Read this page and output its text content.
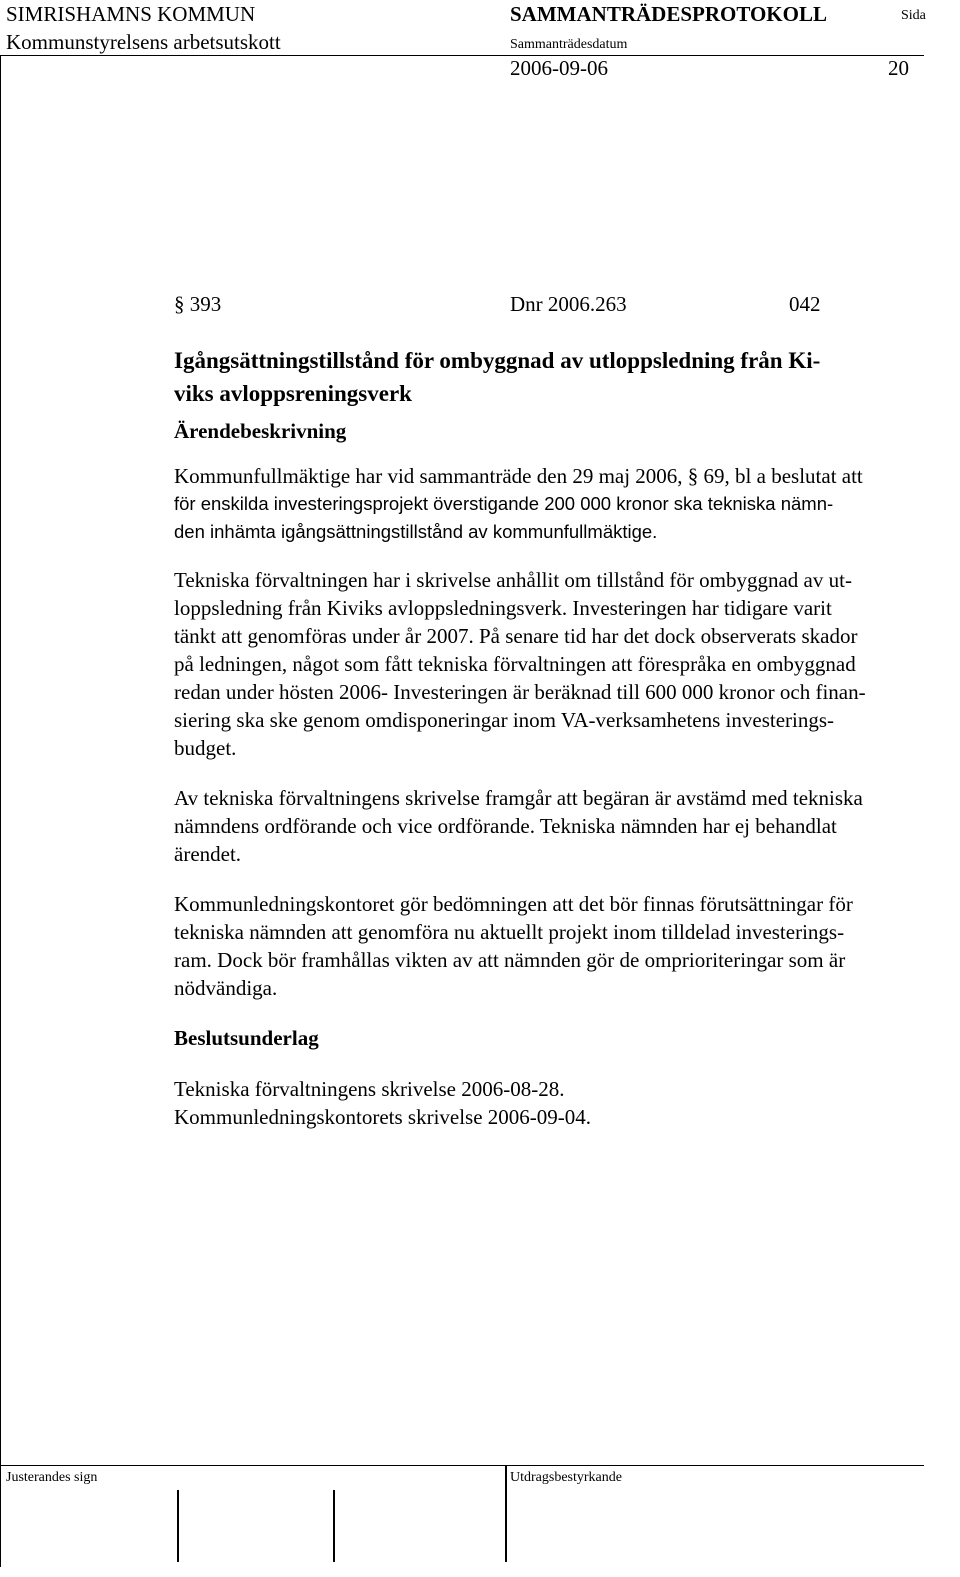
SIMRISHAMNS KOMMUN
Kommunstyrelsens arbetsutskott
SAMMANTRÄDESPROTOKOLL	Sida
Sammanträdesdatum
2006-09-06	20
§ 393	Dnr 2006.263	042

Igångsättningstillstånd för ombyggnad av utloppsledning från Ki-
viks avloppsreningsverk

Ärendebeskrivning

Kommunfullmäktige har vid sammanträde den 29 maj 2006, § 69, bl a beslutat att

för enskilda investeringsprojekt överstigande 200 000 kronor ska tekniska nämn-
den inhämta igångsättningstillstånd av kommunfullmäktige.

Tekniska förvaltningen har i skrivelse anhållit om tillstånd för ombyggnad av ut-
loppsledning från Kiviks avloppsledningsverk. Investeringen har tidigare varit
tänkt att genomföras under år 2007. På senare tid har det dock observerats skador
på ledningen, något som fått tekniska förvaltningen att förespråka en ombyggnad
redan under hösten 2006- Investeringen är beräknad till 600 000 kronor och finan-
siering ska ske genom omdisponeringar inom VA-verksamhetens investerings-
budget.

Av tekniska förvaltningens skrivelse framgår att begäran är avstämd med tekniska
nämndens ordförande och vice ordförande. Tekniska nämnden har ej behandlat
ärendet.

Kommunledningskontoret gör bedömningen att det bör finnas förutsättningar för
tekniska nämnden att genomföra nu aktuellt projekt inom tilldelad investerings-
ram. Dock bör framhållas vikten av att nämnden gör de omprioriteringar som är
nödvändiga.

Beslutsunderlag

Tekniska förvaltningens skrivelse 2006-08-28.

Kommunledningskontorets skrivelse 2006-09-04.

Justerandes sign	Utdragsbestyrkande
